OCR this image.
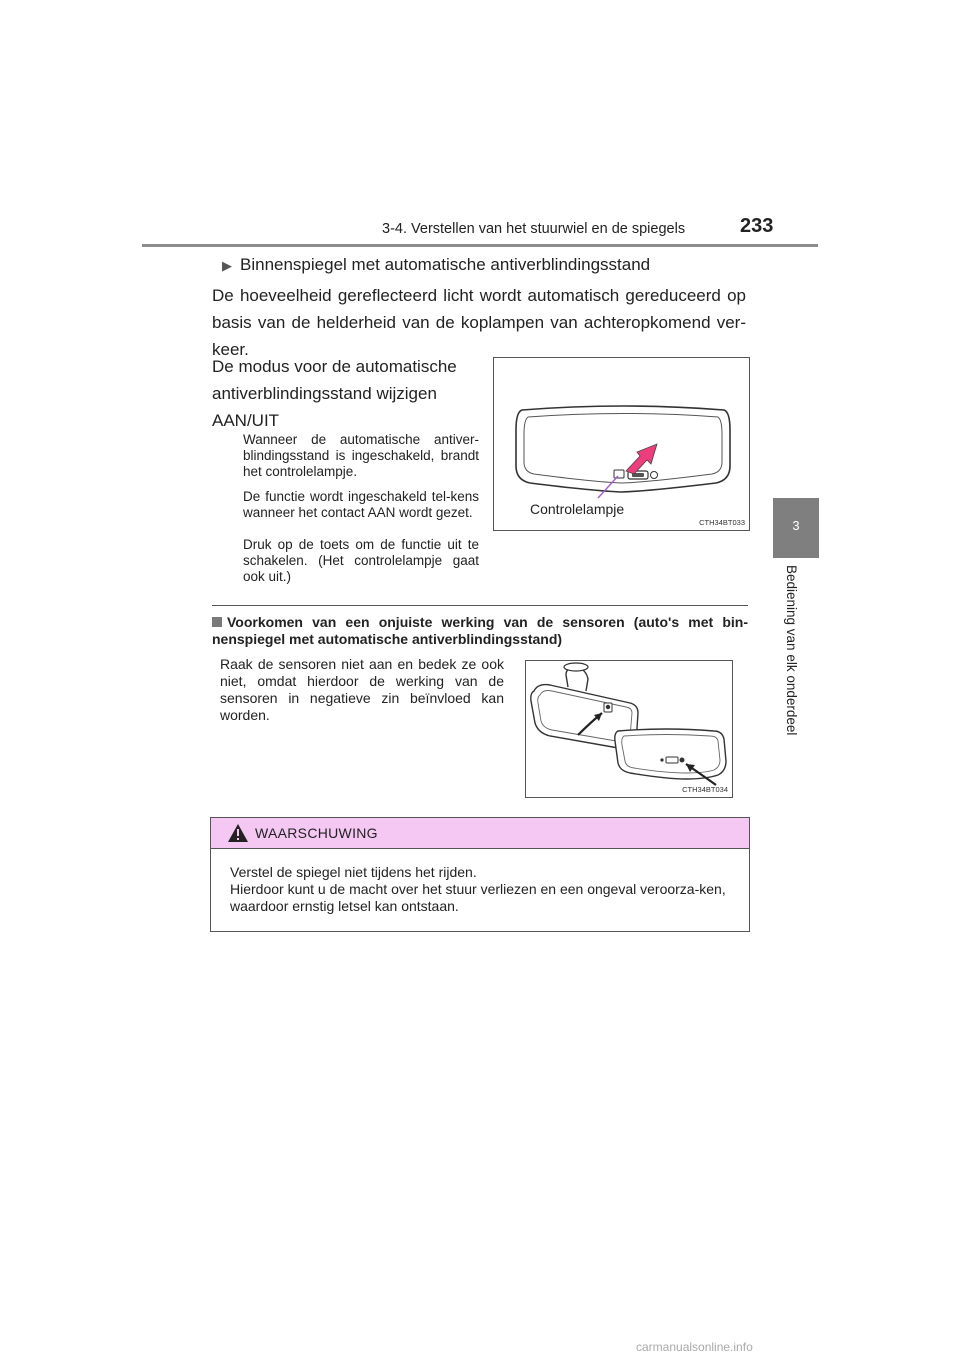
3-4. Verstellen van het stuurwiel en de spiegels	233
3
Bediening van elk onderdeel
▶ Binnenspiegel met automatische antiverblindingsstand
De hoeveelheid gereflecteerd licht wordt automatisch gereduceerd op basis van de helderheid van de koplampen van achteropkomend ver-keer.
De modus voor de automatische
antiverblindingsstand wijzigen
AAN/UIT
Wanneer de automatische antiver-blindingsstand is ingeschakeld, brandt het controlelampje.
De functie wordt ingeschakeld tel-kens wanneer het contact AAN wordt gezet.
Druk op de toets om de functie uit te schakelen. (Het controlelampje gaat ook uit.)
Controlelampje
CTH34BT033
Voorkomen van een onjuiste werking van de sensoren (auto's met bin-nenspiegel met automatische antiverblindingsstand)
Raak de sensoren niet aan en bedek ze ook niet, omdat hierdoor de werking van de sensoren in negatieve zin beïnvloed kan worden.
CTH34BT034
WAARSCHUWING
Verstel de spiegel niet tijdens het rijden.
Hierdoor kunt u de macht over het stuur verliezen en een ongeval veroorza-ken, waardoor ernstig letsel kan ontstaan.
carmanualsonline.info
